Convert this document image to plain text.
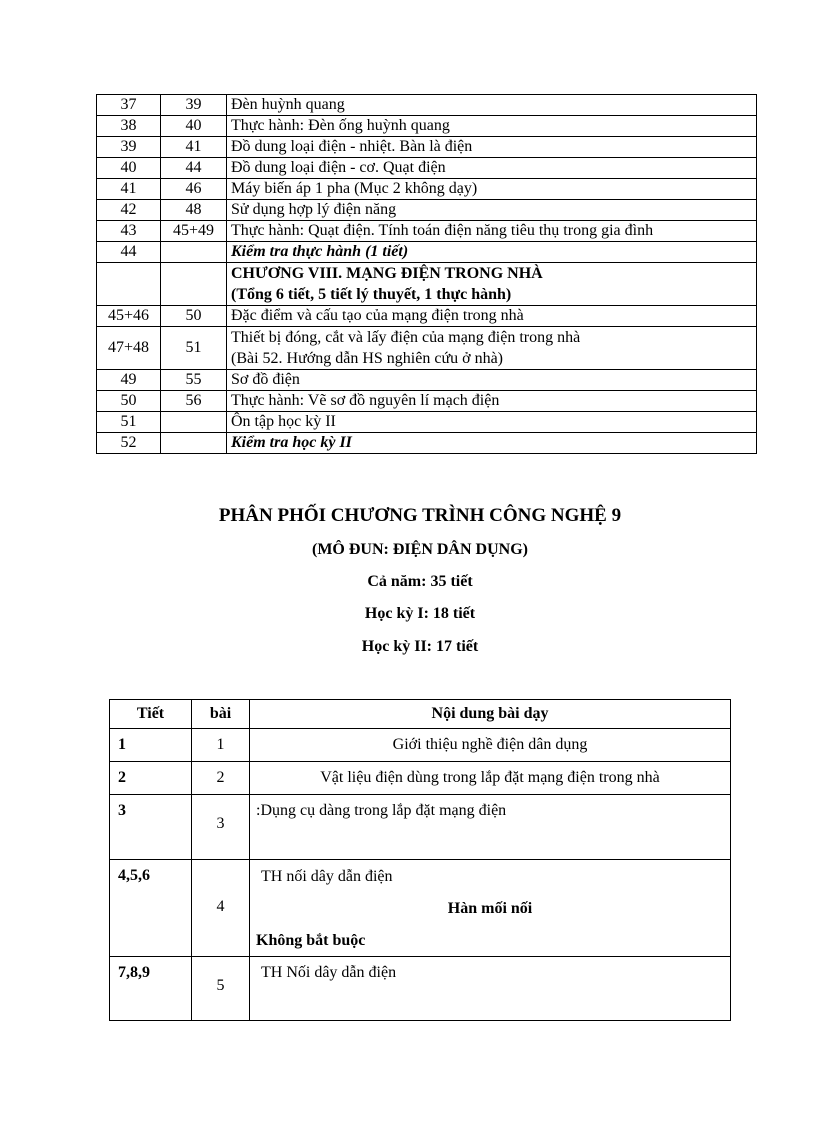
37	39	Đèn huỳnh quang

38	40	Thực hành: Đèn ống huỳnh quang

39	41	Đồ dung loại điện - nhiệt. Bàn là điện

40	44	Đồ dung loại điện - cơ. Quạt điện

41	46	Máy biến áp 1 pha (Mục 2 không dạy)

42	48	Sử dụng hợp lý điện năng

43	45+49	Thực hành: Quạt điện. Tính toán điện năng tiêu thụ trong gia đình

44		Kiểm tra thực hành (1 tiết)

		CHƯƠNG VIII. MẠNG ĐIỆN TRONG NHÀ
(Tổng 6 tiết, 5 tiết lý thuyết, 1 thực hành)

45+46	50	Đặc điểm và cấu tạo của mạng điện trong nhà

47+48	51	Thiết bị đóng, cắt và lấy điện của mạng điện trong nhà
(Bài 52. Hướng dẫn HS nghiên cứu ở nhà)

49	55	Sơ đồ điện

50	56	Thực hành: Vẽ sơ đồ nguyên lí mạch điện

51		Ôn tập học kỳ II

52		Kiểm tra học kỳ II
PHÂN PHỐI CHƯƠNG TRÌNH CÔNG NGHỆ 9
(MÔ ĐUN: ĐIỆN DÂN DỤNG)
Cả năm: 35 tiết
Học kỳ I: 18 tiết
Học kỳ II: 17 tiết
Tiết	bài	Nội dung bài dạy
1	1	Giới thiệu nghề điện dân dụng
2	2	Vật liệu điện dùng trong lắp đặt mạng điện trong nhà
3	3	:Dụng cụ dàng trong lắp đặt mạng điện
4,5,6	4	TH nối dây dẫn điện
Hàn mối nối
Không bắt buộc

7,8,9	5	TH Nối dây dẫn điện
